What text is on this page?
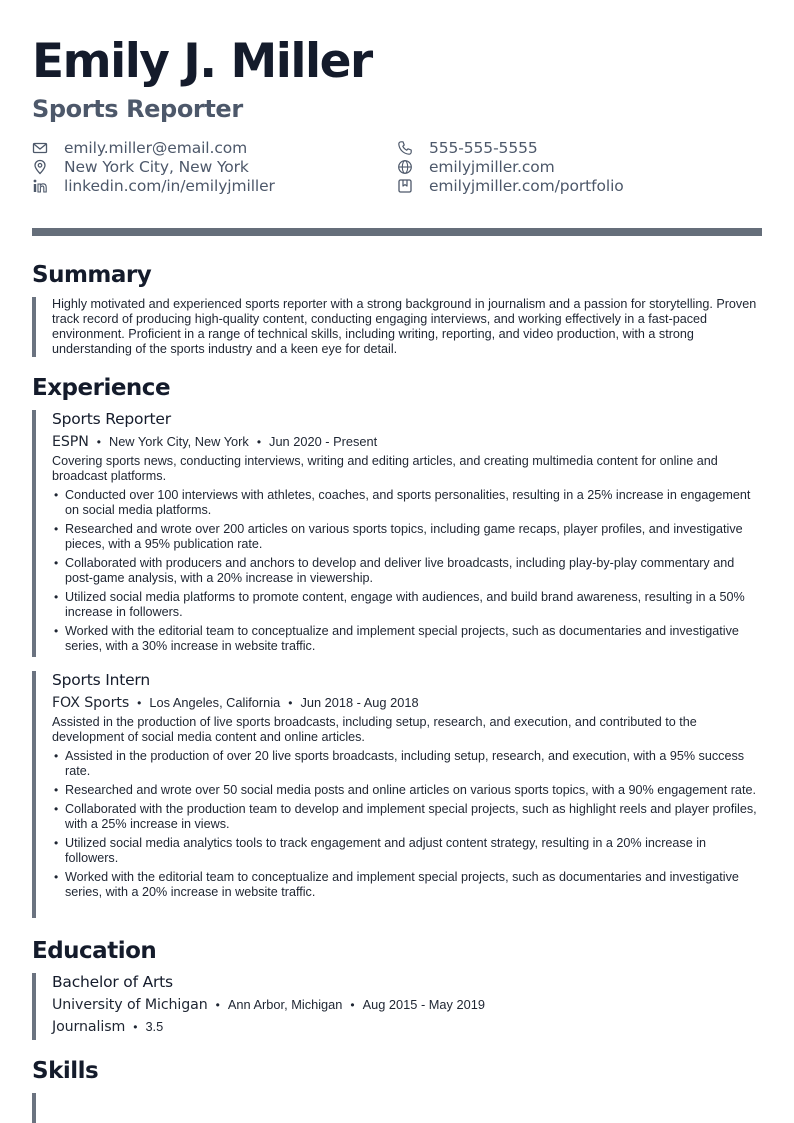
Emily J. Miller
Sports Reporter
emily.miller@email.com	555-555-5555
New York City, New York	emilyjmiller.com
linkedin.com/in/emilyjmiller	emilyjmiller.com/portfolio
Summary
Highly motivated and experienced sports reporter with a strong background in journalism and a passion for storytelling. Proven track record of producing high-quality content, conducting engaging interviews, and working effectively in a fast-paced environment. Proficient in a range of technical skills, including writing, reporting, and video production, with a strong understanding of the sports industry and a keen eye for detail.
Experience
Sports Reporter
ESPN • New York City, New York • Jun 2020 - Present
Covering sports news, conducting interviews, writing and editing articles, and creating multimedia content for online and broadcast platforms.
• Conducted over 100 interviews with athletes, coaches, and sports personalities, resulting in a 25% increase in engagement on social media platforms.
• Researched and wrote over 200 articles on various sports topics, including game recaps, player profiles, and investigative pieces, with a 95% publication rate.
• Collaborated with producers and anchors to develop and deliver live broadcasts, including play-by-play commentary and post-game analysis, with a 20% increase in viewership.
• Utilized social media platforms to promote content, engage with audiences, and build brand awareness, resulting in a 50% increase in followers.
• Worked with the editorial team to conceptualize and implement special projects, such as documentaries and investigative series, with a 30% increase in website traffic.
Sports Intern
FOX Sports • Los Angeles, California • Jun 2018 - Aug 2018
Assisted in the production of live sports broadcasts, including setup, research, and execution, and contributed to the development of social media content and online articles.
• Assisted in the production of over 20 live sports broadcasts, including setup, research, and execution, with a 95% success rate.
• Researched and wrote over 50 social media posts and online articles on various sports topics, with a 90% engagement rate.
• Collaborated with the production team to develop and implement special projects, such as highlight reels and player profiles, with a 25% increase in views.
• Utilized social media analytics tools to track engagement and adjust content strategy, resulting in a 20% increase in followers.
• Worked with the editorial team to conceptualize and implement special projects, such as documentaries and investigative series, with a 20% increase in website traffic.
Education
Bachelor of Arts
University of Michigan • Ann Arbor, Michigan • Aug 2015 - May 2019
Journalism • 3.5
Skills
